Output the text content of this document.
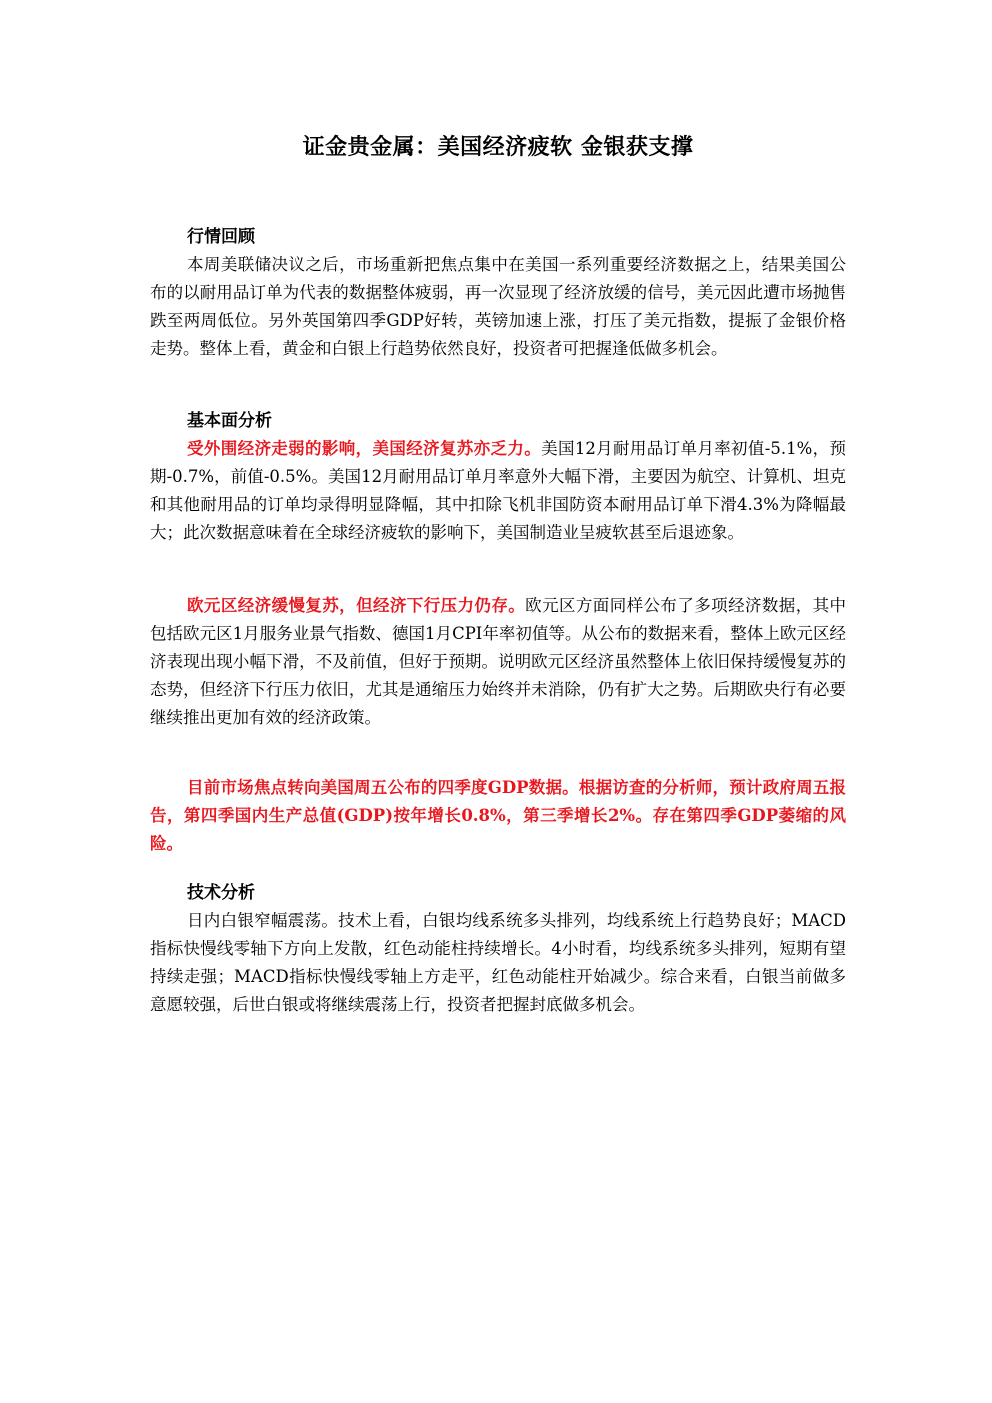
证金贵金属：美国经济疲软 金银获支撑

行情回顾

本周美联储决议之后，市场重新把焦点集中在美国一系列重要经济数据之上，结果美国公布的以耐用品订单为代表的数据整体疲弱，再一次显现了经济放缓的信号，美元因此遭市场抛售跌至两周低位。另外英国第四季GDP好转，英镑加速上涨，打压了美元指数，提振了金银价格走势。整体上看，黄金和白银上行趋势依然良好，投资者可把握逢低做多机会。

基本面分析

受外围经济走弱的影响，美国经济复苏亦乏力。美国12月耐用品订单月率初值-5.1%，预期-0.7%，前值-0.5%。美国12月耐用品订单月率意外大幅下滑，主要因为航空、计算机、坦克和其他耐用品的订单均录得明显降幅，其中扣除飞机非国防资本耐用品订单下滑4.3%为降幅最大；此次数据意味着在全球经济疲软的影响下，美国制造业呈疲软甚至后退迹象。

欧元区经济缓慢复苏，但经济下行压力仍存。欧元区方面同样公布了多项经济数据，其中包括欧元区1月服务业景气指数、德国1月CPI年率初值等。从公布的数据来看，整体上欧元区经济表现出现小幅下滑，不及前值，但好于预期。说明欧元区经济虽然整体上依旧保持缓慢复苏的态势，但经济下行压力依旧，尤其是通缩压力始终并未消除，仍有扩大之势。后期欧央行有必要继续推出更加有效的经济政策。

目前市场焦点转向美国周五公布的四季度GDP数据。根据访查的分析师，预计政府周五报告，第四季国内生产总值(GDP)按年增长0.8%，第三季增长2%。存在第四季GDP萎缩的风险。

技术分析

日内白银窄幅震荡。技术上看，白银均线系统多头排列，均线系统上行趋势良好；MACD指标快慢线零轴下方向上发散，红色动能柱持续增长。4小时看，均线系统多头排列，短期有望持续走强；MACD指标快慢线零轴上方走平，红色动能柱开始减少。综合来看，白银当前做多意愿较强，后世白银或将继续震荡上行，投资者把握封底做多机会。
